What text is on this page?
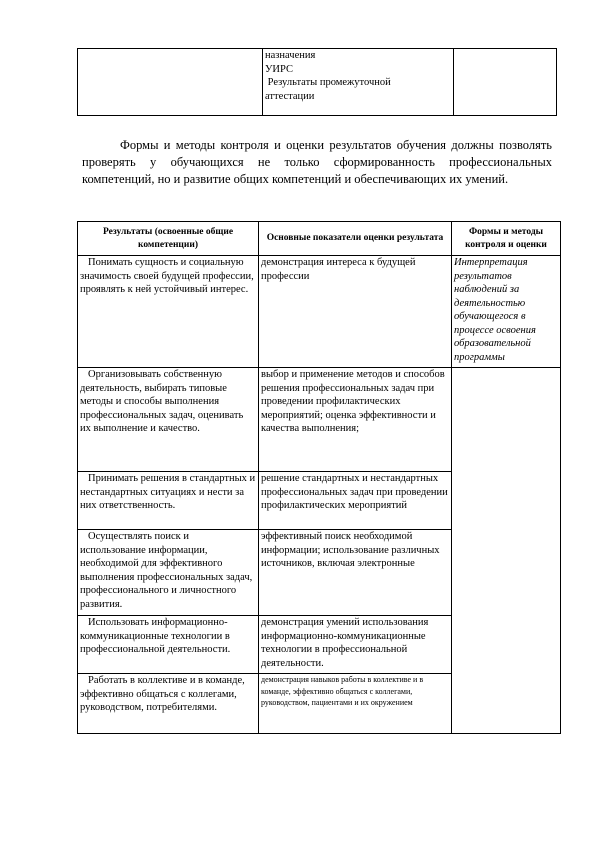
назначения
УИРС
Результаты промежуточной
аттестации

Формы и методы контроля и оценки результатов обучения должны позволять проверять у обучающихся не только сформированность профессиональных компетенций, но и развитие общих компетенций и обеспечивающих их умений.
Результаты (освоенные общие компетенции)	Основные показатели оценки результата	Формы и методы контроля и оценки
Понимать сущность и социальную значимость своей будущей профессии, проявлять к ней устойчивый интерес.	демонстрация интереса к будущей профессии	Интерпретация результатов наблюдений за деятельностью обучающегося в процессе освоения образовательной программы
Организовывать собственную деятельность, выбирать типовые методы и способы выполнения профессиональных задач, оценивать их выполнение и качество.	выбор и применение методов и способов решения профессиональных задач при проведении профилактических мероприятий; оценка эффективности и качества выполнения;	
Принимать решения в стандартных и нестандартных ситуациях и нести за них ответственность.	решение стандартных и нестандартных профессиональных задач при проведении профилактических мероприятий	
Осуществлять поиск и использование информации, необходимой для эффективного выполнения профессиональных задач, профессионального и личностного развития.	эффективный поиск необходимой информации; использование различных источников, включая электронные	
Использовать информационно-коммуникационные технологии в профессиональной деятельности.	демонстрация умений использования информационно-коммуникационные технологии в профессиональной деятельности.	
Работать в коллективе и в команде, эффективно общаться с коллегами, руководством, потребителями.	демонстрация навыков работы в коллективе и в команде, эффективно общаться с коллегами, руководством, пациентами и их окружением	
